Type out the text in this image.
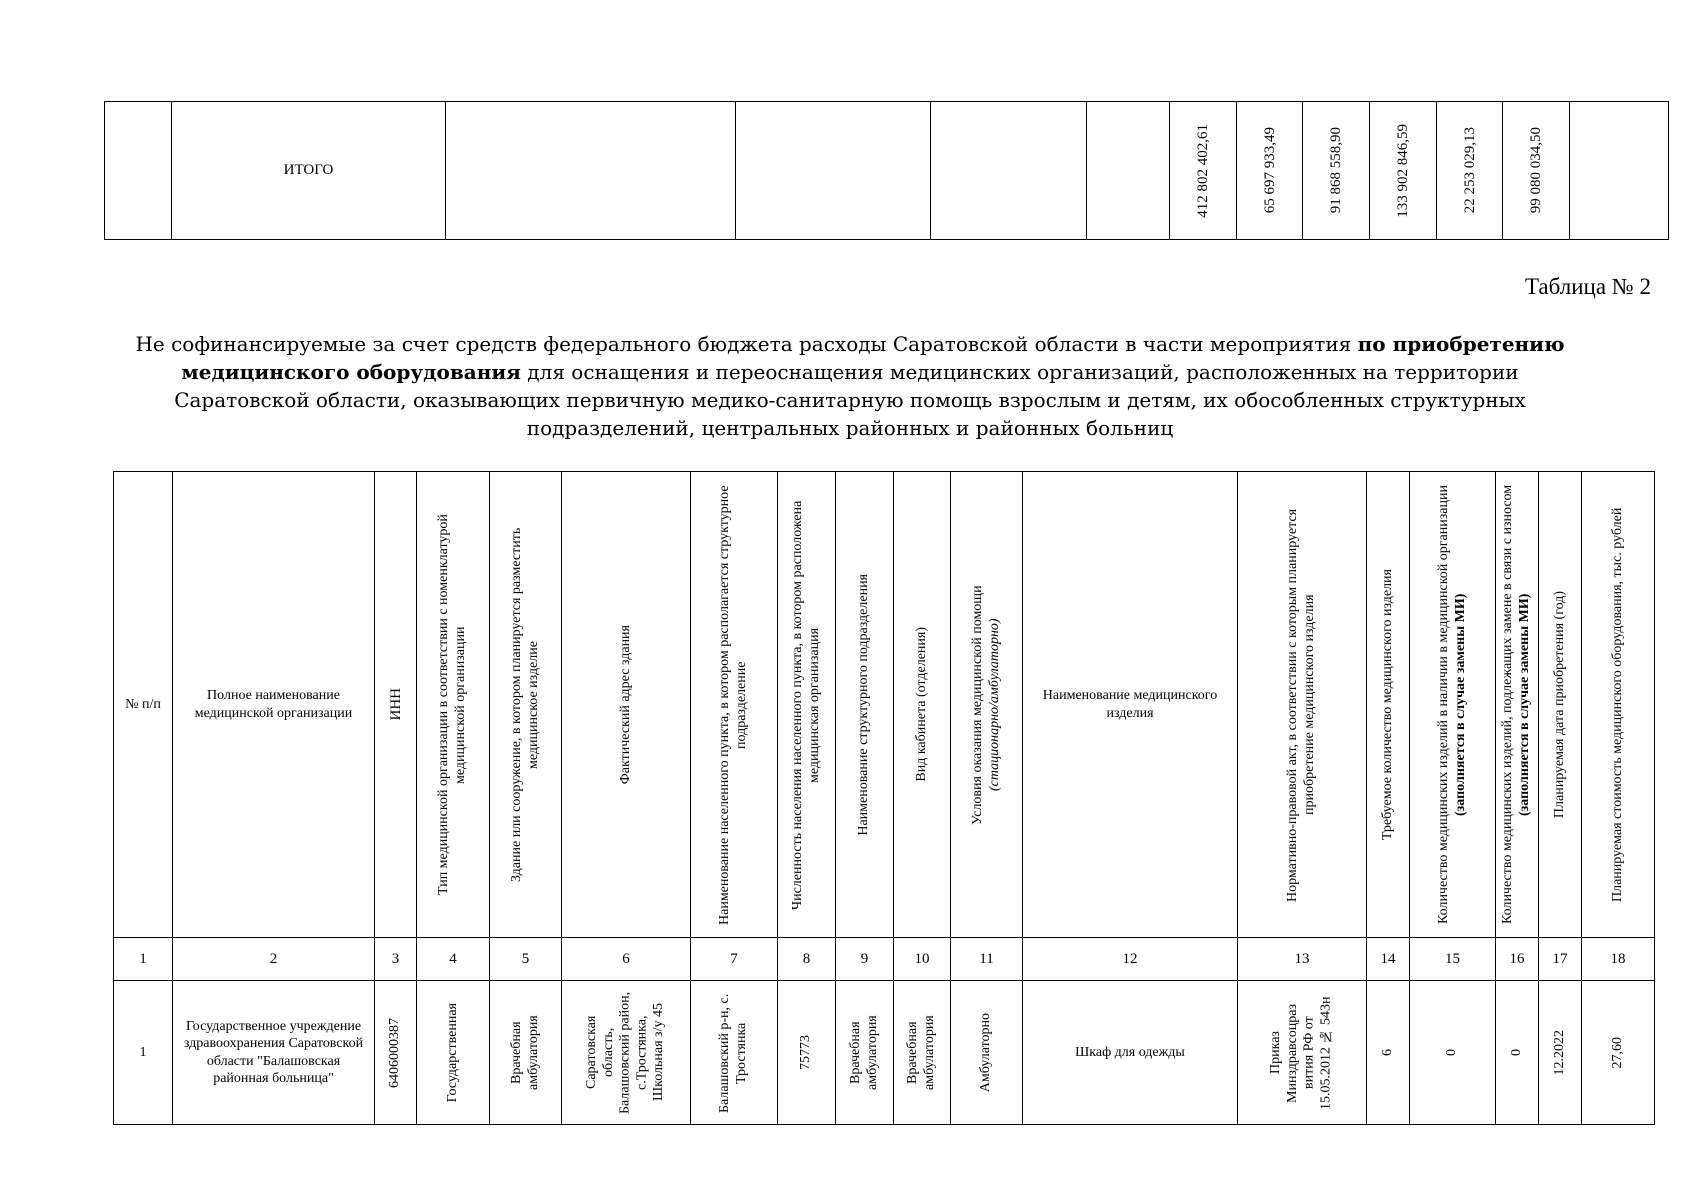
	ИТОГО					412 802 402,61	65 697 933,49	91 868 558,90	133 902 846,59	22 253 029,13	99 080 034,50

Таблица № 2
Не софинансируемые за счет средств федерального бюджета расходы Саратовской области в части мероприятия по приобретению медицинского оборудования для оснащения и переоснащения медицинских организаций, расположенных на территории Саратовской области, оказывающих первичную медико-санитарную помощь взрослым и детям, их обособленных структурных подразделений, центральных районных и районных больниц
№ п/п	Полное наименование медицинской организации	ИНН	Тип медицинской организации в соответствии с номенклатурой медицинской организации	Здание или сооружение, в котором планируется разместить медицинское изделие	Фактический адрес здания	Наименование населенного пункта, в котором располагается структурное подразделение	Численность населения населенного пункта, в котором расположена медицинская организация	Наименование структурного подразделения	Вид кабинета (отделения)	Условия оказания медицинской помощи (стационарно/амбулаторно)	Наименование медицинского изделия	Нормативно-правовой акт, в соответствии с которым планируется приобретение медицинского изделия	Требуемое количество медицинского изделия	Количество медицинских изделий в наличии в медицинской организации (заполняется в случае замены МИ)	Количество медицинских изделий, подлежащих замене в связи с износом (заполняется в случае замены МИ)	Планируемая дата приобретения (год)	Планируемая стоимость медицинского оборудования, тыс. рублей

1	2	3	4	5	6	7	8	9	10	11	12	13	14	15	16	17	18
1	Государственное учреждение здравоохранения Саратовской области "Балашовская районная больница"	6406000387	Государственная	Врачебная амбулатория	Саратовская область, Балашовский район, с.Тростянка, Школьная з/у 45	Балашовский р-н, с. Тростянка	75773	Врачебная амбулатория	Врачебная амбулатория	Амбулаторно	Шкаф для одежды	Приказ Минздравсоцраз вития РФ от 15.05.2012 № 543н	6	0	0	12.2022	27,60
